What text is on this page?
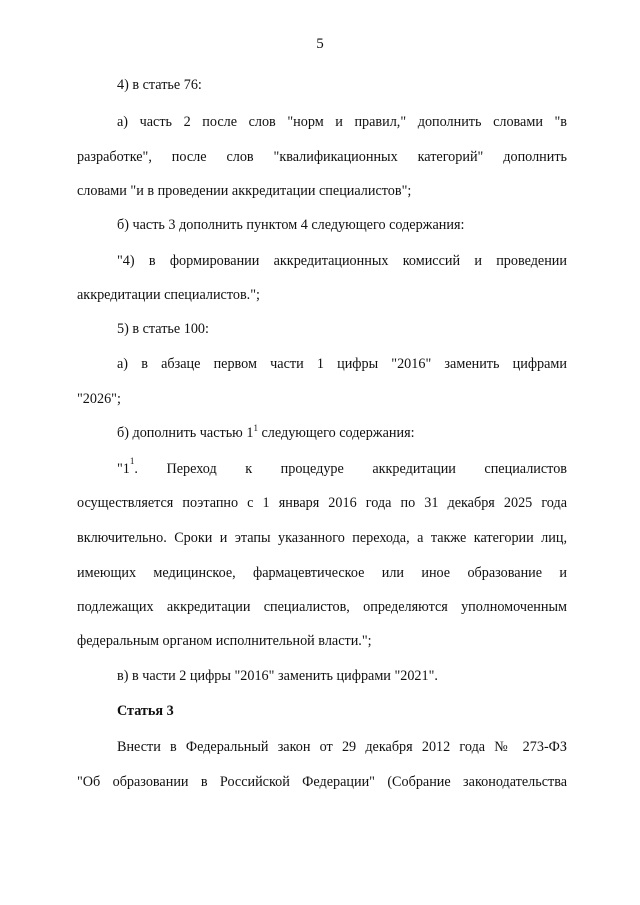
5
4) в статье 76:
а) часть 2 после слов "норм и правил," дополнить словами "в
разработке", после слов "квалификационных категорий" дополнить
словами "и в проведении аккредитации специалистов";
б) часть 3 дополнить пунктом 4 следующего содержания:
"4) в формировании аккредитационных комиссий и проведении
аккредитации специалистов.";
5) в статье 100:
а) в абзаце первом части 1 цифры "2016" заменить цифрами
"2026";
б) дополнить частью $1^1$ следующего содержания:
"1 1 . Переход к процедуре аккредитации специалистов
осуществляется поэтапно с 1 января 2016 года по 31 декабря 2025 года
включительно. Сроки и этапы указанного перехода, а также категории лиц,
имеющих медицинское, фармацевтическое или иное образование и
подлежащих аккредитации специалистов, определяются уполномоченным
федеральным органом исполнительной власти.";
в) в части 2 цифры "2016" заменить цифрами "2021".
Статья 3
Внести в Федеральный закон от 29 декабря 2012 года № 273-ФЗ
"Об образовании в Российской Федерации" (Собрание законодательства
